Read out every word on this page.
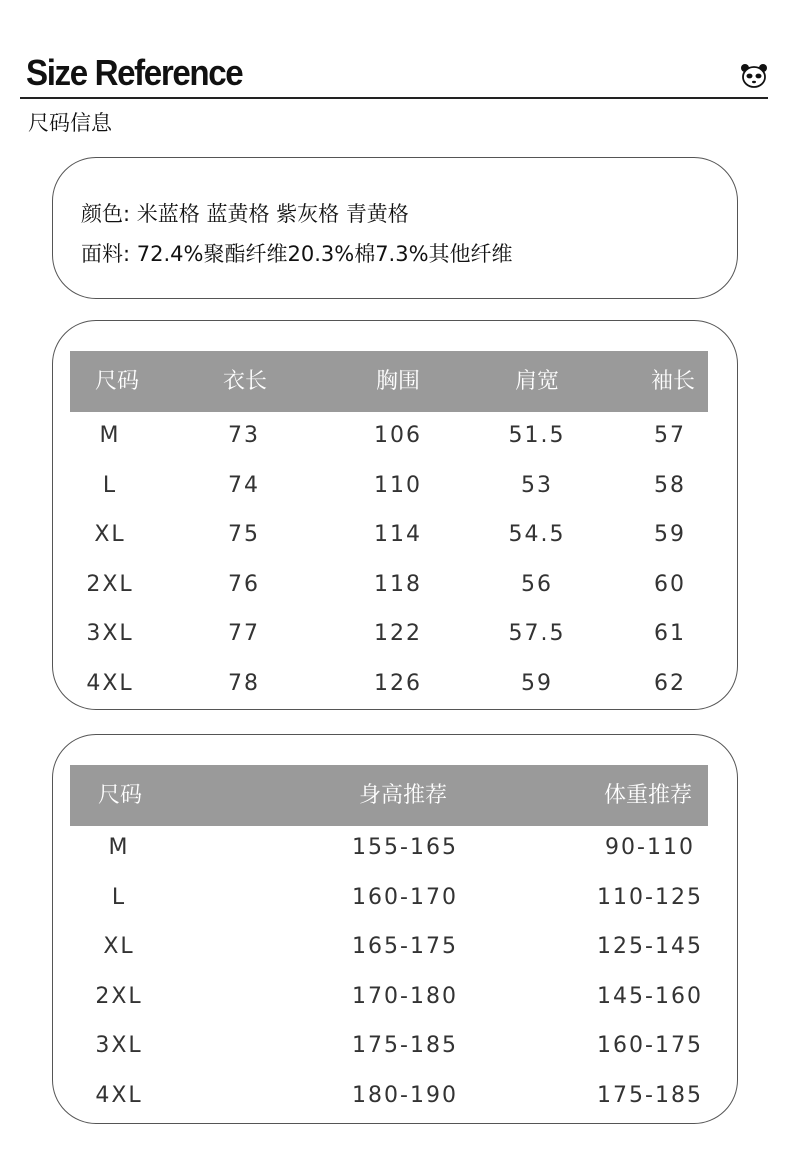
Size Reference
尺码信息
颜色: 米蓝格 蓝黄格 紫灰格 青黄格
面料: 72.4%聚酯纤维20.3%棉7.3%其他纤维
尺码	衣长	胸围	肩宽	袖长
M	73	106	51.5	57
L	74	110	53	58
XL	75	114	54.5	59
2XL	76	118	56	60
3XL	77	122	57.5	61
4XL	78	126	59	62
尺码	身高推荐	体重推荐
M	155-165	90-110
L	160-170	110-125
XL	165-175	125-145
2XL	170-180	145-160
3XL	175-185	160-175
4XL	180-190	175-185
